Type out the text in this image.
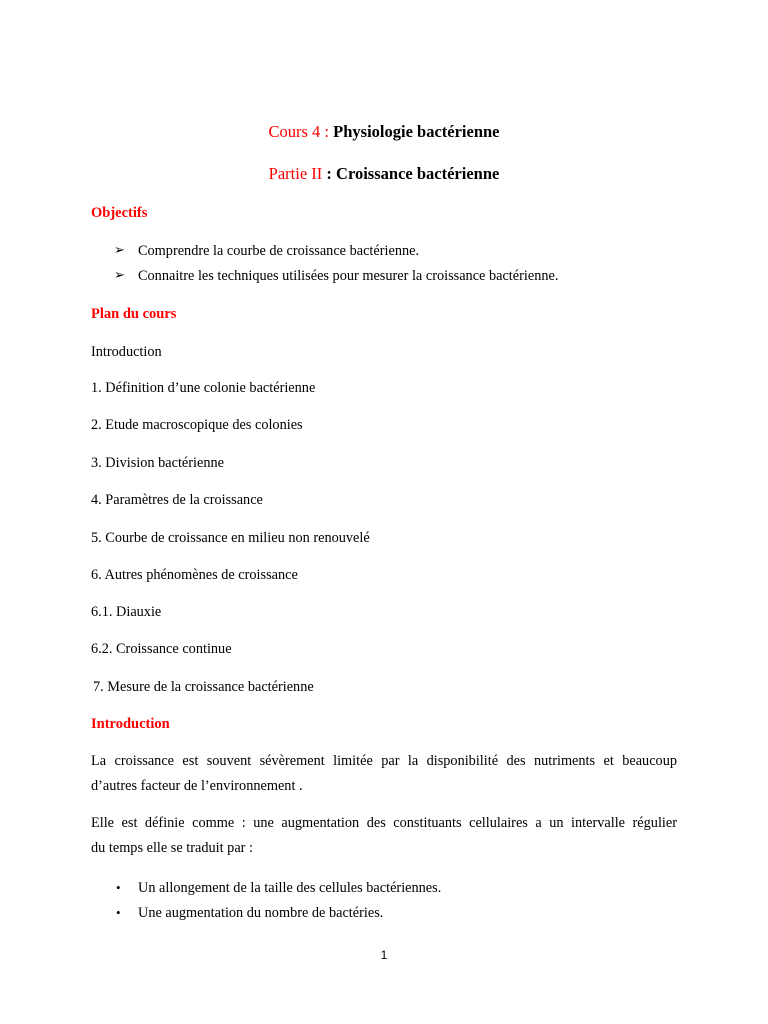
Cours 4 : Physiologie bactérienne
Partie II : Croissance bactérienne
Objectifs
➢ Comprendre la courbe de croissance bactérienne.
➢ Connaitre les techniques utilisées pour mesurer la croissance bactérienne.
Plan du cours
Introduction
1. Définition d’une colonie bactérienne
2. Etude macroscopique des colonies
3. Division bactérienne
4. Paramètres de la croissance
5. Courbe de croissance en milieu non renouvelé
6. Autres phénomènes de croissance
6.1. Diauxie
6.2. Croissance continue
7. Mesure de la croissance bactérienne
Introduction
La croissance est souvent sévèrement limitée par la disponibilité des nutriments et beaucoup
d’autres facteur de l’environnement .
Elle est définie comme : une augmentation des constituants cellulaires a un intervalle régulier
du temps elle se traduit par :
• Un allongement de la taille des cellules bactériennes.
• Une augmentation du nombre de bactéries.
1
